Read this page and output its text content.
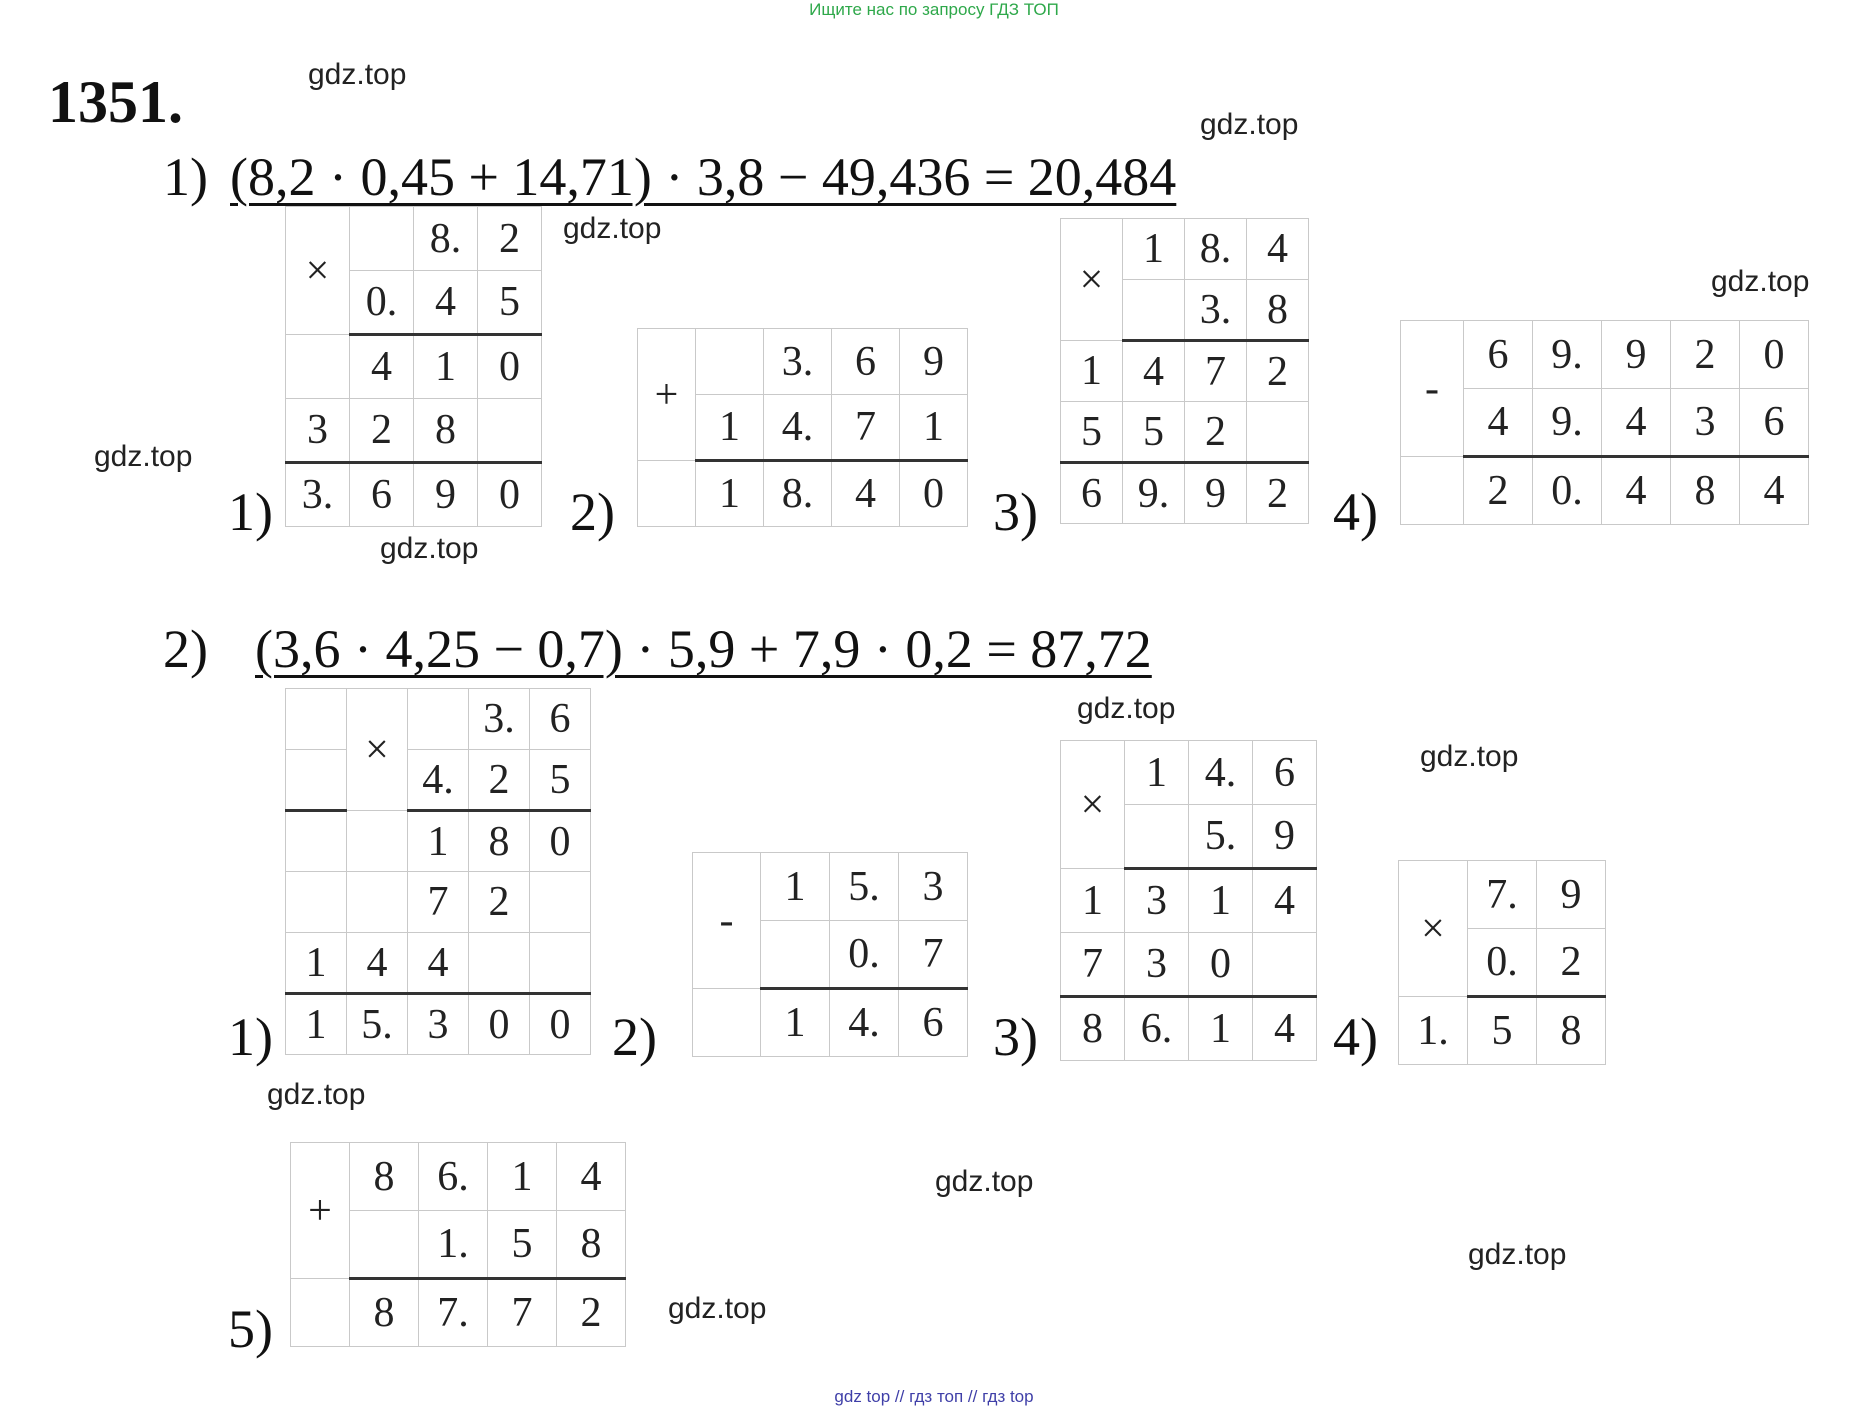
Ищите нас по запросу ГДЗ ТОП
1351.
1) (8,2 · 0,45 + 14,71) · 3,8 − 49,436 = 20,484
1)
×		8.	2
	0.	4	5
	4	1	0
3	2	8	
3.	6	9	0 2)
+		3.	6	9
	1	4.	7	1
	1	8.	4	0 3)
×	1	8.	4
		3.	8
1	4	7	2
5	5	2	
6	9.	9	2 4)
-	6	9.	9	2	0
	4	9.	4	3	6
	2	0.	4	8	4
2) (3,6 · 4,25 − 0,7) · 5,9 + 7,9 · 0,2 = 87,72
1)
	×		3.	6
		4.	2	5
		1	8	0
		7	2	
1	4	4		
1	5.	3	0	0 2)
-	1	5.	3
		0.	7
	1	4.	6 3)
×	1	4.	6
		5.	9
1	3	1	4
7	3	0	
8	6.	1	4 4)
×	7.	9
	0.	2
1.	5	8
5)
+	8	6.	1	4
		1.	5	8
	8	7.	7	2
gdz.top
gdz.top
gdz.top
gdz.top
gdz.top
gdz.top
gdz.top
gdz.top
gdz.top
gdz.top
gdz.top
gdz.top
gdz top // гдз топ // гдз top
